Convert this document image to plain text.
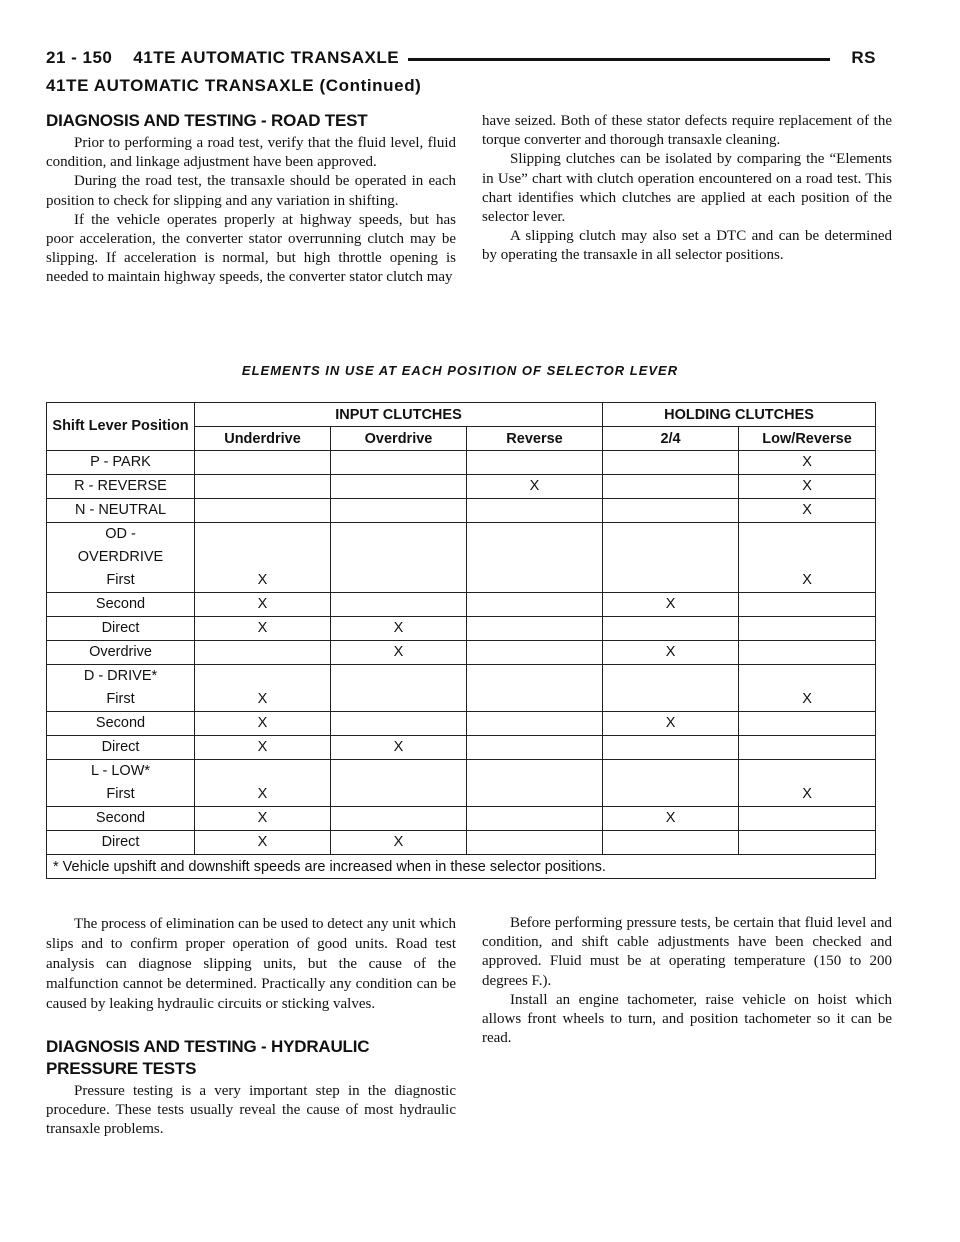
21 - 150 41TE AUTOMATIC TRANSAXLE	RS
41TE AUTOMATIC TRANSAXLE (Continued)
DIAGNOSIS AND TESTING - ROAD TEST

Prior to performing a road test, verify that the fluid level, fluid condition, and linkage adjustment have been approved.

During the road test, the transaxle should be operated in each position to check for slipping and any variation in shifting.

If the vehicle operates properly at highway speeds, but has poor acceleration, the converter stator overrunning clutch may be slipping. If acceleration is normal, but high throttle opening is needed to maintain highway speeds, the converter stator clutch may

have seized. Both of these stator defects require replacement of the torque converter and thorough transaxle cleaning.

Slipping clutches can be isolated by comparing the “Elements in Use” chart with clutch operation encountered on a road test. This chart identifies which clutches are applied at each position of the selector lever.

A slipping clutch may also set a DTC and can be determined by operating the transaxle in all selector positions.

ELEMENTS IN USE AT EACH POSITION OF SELECTOR LEVER
Shift Lever Position	INPUT CLUTCHES			HOLDING CLUTCHES	
	Underdrive	Overdrive	Reverse	2/4	Low/Reverse

P - PARK					X

R - REVERSE			X		X

N - NEUTRAL					X

OD -
OVERDRIVE
First	X				X

Second	X			X	

Direct	X	X			

Overdrive		X		X	

D - DRIVE*
First	X				X

Second	X			X	

Direct	X	X			

L - LOW*
First	X				X

Second	X			X	

Direct	X	X			

* Vehicle upshift and downshift speeds are increased when in these selector positions.					

The process of elimination can be used to detect any unit which slips and to confirm proper operation of good units. Road test analysis can diagnose slipping units, but the cause of the malfunction cannot be determined. Practically any condition can be caused by leaking hydraulic circuits or sticking valves.

DIAGNOSIS AND TESTING - HYDRAULIC PRESSURE TESTS

Pressure testing is a very important step in the diagnostic procedure. These tests usually reveal the cause of most hydraulic transaxle problems.

Before performing pressure tests, be certain that fluid level and condition, and shift cable adjustments have been checked and approved. Fluid must be at operating temperature (150 to 200 degrees F.).

Install an engine tachometer, raise vehicle on hoist which allows front wheels to turn, and position tachometer so it can be read.
